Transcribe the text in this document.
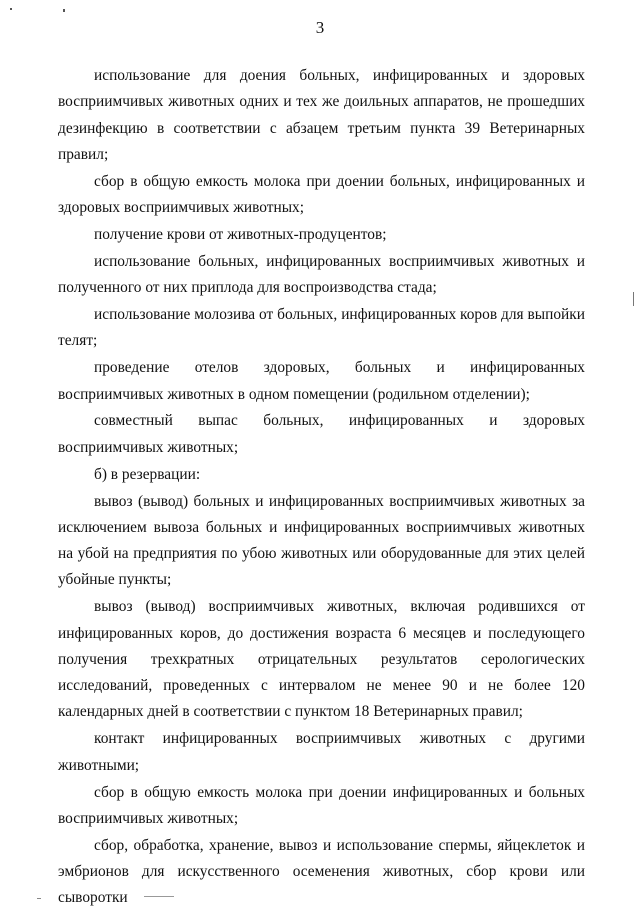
3

использование для доения больных, инфицированных и здоровых восприимчивых животных одних и тех же доильных аппаратов, не прошедших дезинфекцию в соответствии с абзацем третьим пункта 39 Ветеринарных правил;

сбор в общую емкость молока при доении больных, инфицированных и здоровых восприимчивых животных;

получение крови от животных-продуцентов;

использование больных, инфицированных восприимчивых животных и полученного от них приплода для воспроизводства стада;

использование молозива от больных, инфицированных коров для выпойки телят;

проведение отелов здоровых, больных и инфицированных восприимчивых животных в одном помещении (родильном отделении);

совместный выпас больных, инфицированных и здоровых восприимчивых животных;

б) в резервации:

вывоз (вывод) больных и инфицированных восприимчивых животных за исключением вывоза больных и инфицированных восприимчивых животных на убой на предприятия по убою животных или оборудованные для этих целей убойные пункты;

вывоз (вывод) восприимчивых животных, включая родившихся от инфицированных коров, до достижения возраста 6 месяцев и последующего получения трехкратных отрицательных результатов серологических исследований, проведенных с интервалом не менее 90 и не более 120 календарных дней в соответствии с пунктом 18 Ветеринарных правил;

контакт инфицированных восприимчивых животных с другими животными;

сбор в общую емкость молока при доении инфицированных и больных восприимчивых животных;

сбор, обработка, хранение, вывоз и использование спермы, яйцеклеток и эмбрионов для искусственного осеменения животных, сбор крови или сыворотки
